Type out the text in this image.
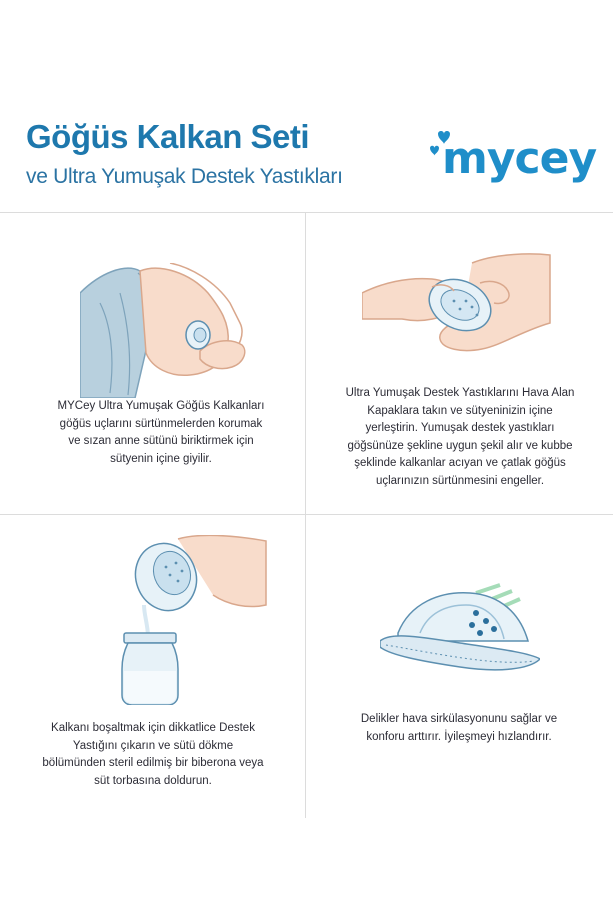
Göğüs Kalkan Seti
ve Ultra Yumuşak Destek Yastıkları mycey

MYCey Ultra Yumuşak Göğüs Kalkanları göğüs uçlarını sürtünmelerden korumak ve sızan anne sütünü biriktirmek için sütyenin içine giyilir.

Ultra Yumuşak Destek Yastıklarını Hava Alan Kapaklara takın ve sütyeninizin içine yerleştirin. Yumuşak destek yastıkları göğsünüze şekline uygun şekil alır ve kubbe şeklinde kalkanlar acıyan ve çatlak göğüs uçlarınızın sürtünmesini engeller.

Kalkanı boşaltmak için dikkatlice Destek Yastığını çıkarın ve sütü dökme bölümünden steril edilmiş bir biberona veya süt torbasına doldurun.

Delikler hava sirkülasyonunu sağlar ve konforu arttırır. İyileşmeyi hızlandırır.
